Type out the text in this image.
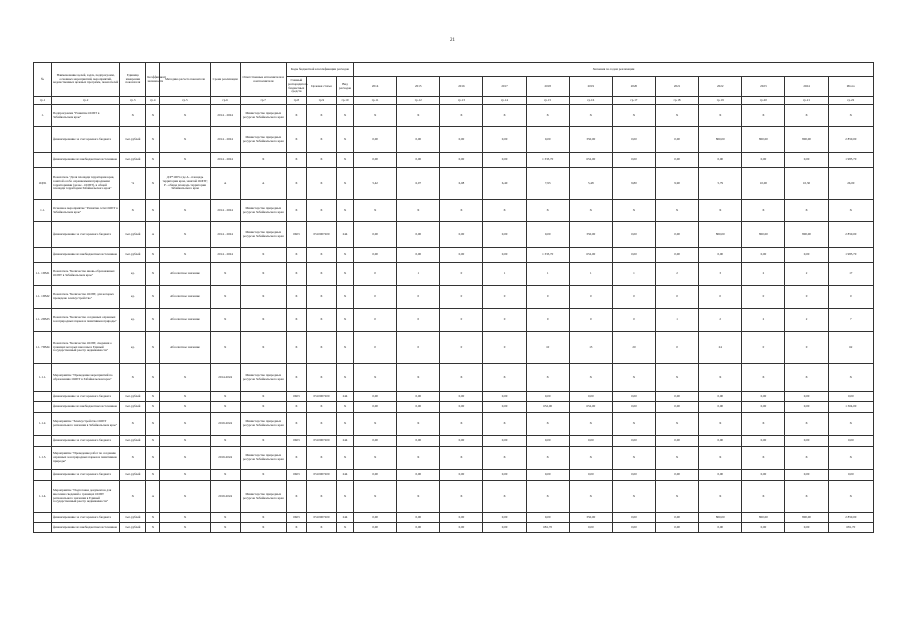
21
№	Наименование целей, задач, подпрограмм, основных мероприятий, мероприятий, ведомственных целевых программ, показателей	Единица измерения показателя	Коэффициент значимости	Методика расчета показателя	Сроки реализации	Ответственные исполнители и соисполнители	Коды бюджетной классификации расходов			Значения по годам реализации											
							Главный распорядитель бюджетных средств	Целевая статья	Вид расходов	2014	2015	2016	2017	2018	2019	2020	2021	2022	2023	2024	Итого
гр.1	гр.2	гр.3	гр.4	гр.5	гр.6	гр.7	гр.8	гр.9	гр.10	гр.11	гр.12	гр.13	гр.14	гр.15	гр.16	гр.17	гр.18	гр.19	гр.20	гр.21	гр.22
1.	Подпрограмма "Развитие ООПТ в Забайкальском крае"	X	X	X	2014 - 2024	Министерство природных ресурсов Забайкальского края	X	X	X	X	X	X	X	X	X	X	X	X	X	X	X
	финансирование за счет краевого бюджета	тыс.рублей	X	X	2014 - 2024	Министерство природных ресурсов Забайкальского края	X	X	X	0,00	0,00	0,00	0,00	0,00	350,00	0,00	0,00	800,00	800,00	800,00	2 850,00
	финансирование из внебюджетных источников	тыс.рублей	X	X	2014 - 2024	X	X	X	X	0,00	0,00	0,00	0,00	1 333,70	652,00	0,00	0,00	0,00	0,00	0,00	1 985,70
1ЦП1	Показатель "Доля площади территории края, занятой особо охраняемыми природными территориями (далее - ООПТ), в общей площади территории Забайкальского края"	%	Х	Д/Р*100% где А - площадь территории края, занятой ООПТ; Р - общая площадь территории Забайкальского края	А	А	X	X	X	5,42	6,07	6,08	6,40	7,93	5,48	9,80	9,90	5,79	10,00	10,30	26,00
1.1.	Основное мероприятие "Развитие сети ООПТ в Забайкальском крае"	X	X	X	2014 - 2024	Министерство природных ресурсов Забайкальского края	X	X	X	X	X	X	X	X	X	X	X	X	X	X	X
	финансирование за счет краевого бюджета	тыс.рублей	А	X	2014 - 2024	Министерство природных ресурсов Забайкальского края	0603	0510007200	244	0,00	0,00	0,00	0,00	0,00	350,00	0,00	0,00	800,00	800,00	800,00	2 850,00
	финансирование из внебюджетных источников	тыс.рублей	X	X	2014 - 2024	X	X	X	X	0,00	0,00	0,00	0,00	1 333,70	652,00	0,00	0,00	0,00	0,00	0,00	1 985,70
1.1. 1ПМ1	Показатель "Количество вновь образованных ООПТ в Забайкальском крае"	ед.	X	Абсолютное значение	Х	Х	X	X	X	0	1	0	1	1	1	1	2	3	2	2	17
1.1. 1ПМ2	Показатель "Количество ООПТ, для которых проведено землеустройство"	ед.	X	Абсолютное значение	Х	Х	X	X	X	0	0	0	0	0	0	0	0	0	0	0	0
1.1. 2ПМ3	Показатель "Количество созданных охранных зон природных парков и памятников природы"	ед.	X	Абсолютное значение	Х	Х	X	X	X	0	0	0	0	0	0	0	1	2	2	2	7
1.1. 7ПМ4	Показатель "Количество ООПТ, сведения о границах которых внесены в Единый государственный реестр недвижимости"	ед.	X	Абсолютное значение	Х	Х	X	X	X	0	0	0	0	10	13	20	0	24	0	0	62
1.1.1.	Мероприятие "Проведение мероприятий по образованию ООПТ в Забайкальском крае"	X	X	X	2014-2024	Министерство природных ресурсов Забайкальского края	X	X	X	X	X	X	X	X	X	X	X	X	X	X	X
	финансирование за счет краевого бюджета	тыс.рублей	X	X	X	X	0603	0510007200	244	0,00	0,00	0,00	0,00	0,00	0,00	0,00	0,00	0,00	0,00	0,00	0,00
	финансирование из внебюджетных источников	тыс.рублей	X	X	X	X	X	X	X	0,00	0,00	0,00	0,00	652,00	652,00	0,00	0,00	0,00	0,00	0,00	1 304,00
1.1.2.	Мероприятие "Землеустройство ООПТ регионального значения в Забайкальском крае"	X	X	X	2019-2024	Министерство природных ресурсов Забайкальского края	X	X	X	X	X	X	X	X	X	X	X	X	X	X	X
	финансирование за счет краевого бюджета	тыс.рублей	X	X	X	X	0603	0510007200	244	0,00	0,00	0,00	0,00	0,00	0,00	0,00	0,00	0,00	0,00	0,00	0,00
1.1.3.	Мероприятие "Проведение работ по созданию охранных зон природных парков и памятников природы"	X	X	X	2019-2024	Министерство природных ресурсов Забайкальского края	X	X	X	X	X	X	X	X	X	X	X	X	X	X	X
	финансирование за счет краевого бюджета	тыс.рублей	X	X	X	X	0603	0510007200	244	0,00	0,00	0,00	0,00	0,00	0,00	0,00	0,00	0,00	0,00	0,00	0,00
1.1.4.	Мероприятие "Подготовка документов для внесения сведений о границах ООПТ регионального значения в Единый государственный реестр недвижимости"	X	А	X	2019-2024	Министерство природных ресурсов Забайкальского края	X	X	X	X	X	X	X	X	X	X	X	X	X	X	X
	финансирование за счет краевого бюджета	тыс.рублей	X	X	X	X	0603	0510007200	244	0,00	0,00	0,00	0,00	0,00	350,00	0,00	0,00	800,00	800,00	800,00	2 850,00
	финансирование из внебюджетных источников	тыс.рублей	X	X	X	X	X	X	X	0,00	0,00	0,00	0,00	681,70	0,00	0,00	0,00	0,00	0,00	0,00	681,70
